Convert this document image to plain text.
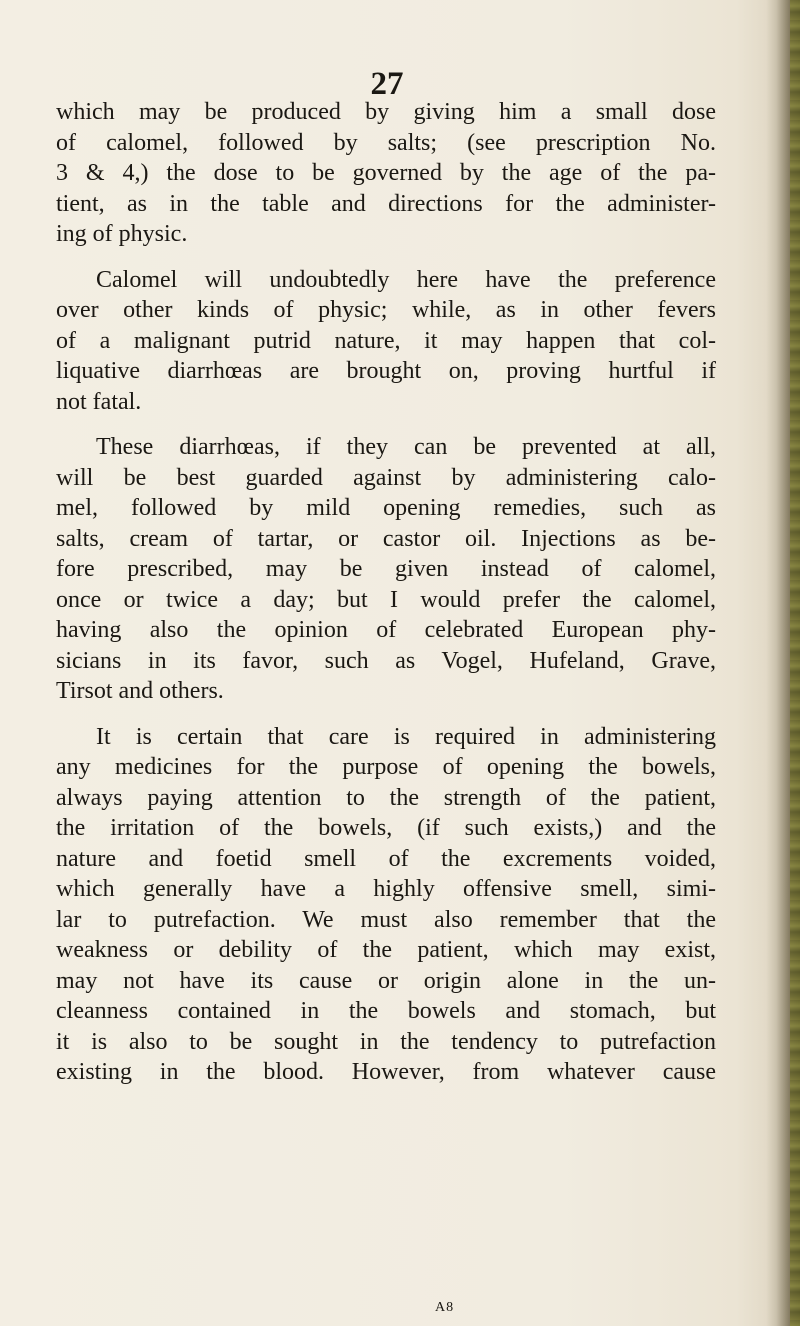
27
which may be produced by giving him a small dose
of calomel, followed by salts; (see prescription No.
3 & 4,) the dose to be governed by the age of the pa-
tient, as in the table and directions for the administer-
ing of physic.
Calomel will undoubtedly here have the preference
over other kinds of physic; while, as in other fevers
of a malignant putrid nature, it may happen that col-
liquative diarrhœas are brought on, proving hurtful if
not fatal.
These diarrhœas, if they can be prevented at all,
will be best guarded against by administering calo-
mel, followed by mild opening remedies, such as
salts, cream of tartar, or castor oil. Injections as be-
fore prescribed, may be given instead of calomel,
once or twice a day; but I would prefer the calomel,
having also the opinion of celebrated European phy-
sicians in its favor, such as Vogel, Hufeland, Grave,
Tirsot and others.
It is certain that care is required in administering
any medicines for the purpose of opening the bowels,
always paying attention to the strength of the patient,
the irritation of the bowels, (if such exists,) and the
nature and foetid smell of the excrements voided,
which generally have a highly offensive smell, simi-
lar to putrefaction. We must also remember that the
weakness or debility of the patient, which may exist,
may not have its cause or origin alone in the un-
cleanness contained in the bowels and stomach, but
it is also to be sought in the tendency to putrefaction
existing in the blood. However, from whatever cause
A8
